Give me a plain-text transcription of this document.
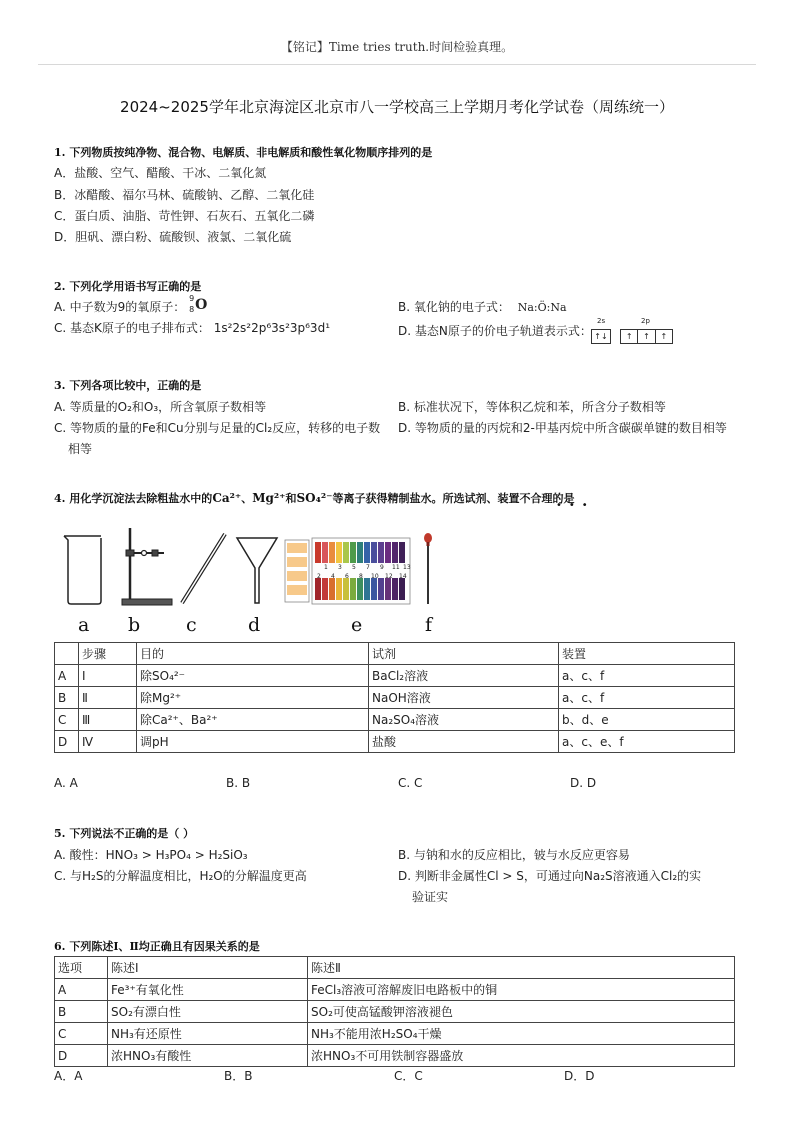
【铭记】Time tries truth.时间检验真理。
2024~2025学年北京海淀区北京市八一学校高三上学期月考化学试卷（周练统一）
1. 下列物质按纯净物、混合物、电解质、非电解质和酸性氧化物顺序排列的是
A．盐酸、空气、醋酸、干冰、二氧化氮
B．冰醋酸、福尔马林、硫酸钠、乙醇、二氧化硅
C．蛋白质、油脂、苛性钾、石灰石、五氧化二磷
D．胆矾、漂白粉、硫酸钡、液氯、二氧化硫
2. 下列化学用语书写正确的是
A. 中子数为9的氧原子：
9
8 O	B. 氧化钠的电子式： Na:Ö:Na
C. 基态K原子的电子排布式： 1s²2s²2p⁶3s²3p⁶3d¹	D. 基态N原子的价电子轨道表示式：
2s	2p
↑↓	↑	↑	↑
3. 下列各项比较中，正确的是
A. 等质量的O₂和O₃，所含氧原子数相等	B. 标准状况下，等体积乙烷和苯，所含分子数相等
C. 等物质的量的Fe和Cu分别与足量的Cl₂反应，转移的电子数
相等
D. 等物质的量的丙烷和2-甲基丙烷中所含碳碳单键的数目相等
4. 用化学沉淀法去除粗盐水中的Ca²⁺、Mg²⁺和SO₄²⁻等离子获得精制盐水。所选试剂、装置不合理的是
•••
1 3 5 7 9 11 13
2 4 6 8 10 12 14
a b c	d	e	f
	步骤	目的	试剂	装置
A	Ⅰ	除SO₄²⁻	BaCl₂溶液	a、c、f
B	Ⅱ	除Mg²⁺	NaOH溶液	a、c、f
C	Ⅲ	除Ca²⁺、Ba²⁺	Na₂SO₄溶液	b、d、e
D	Ⅳ	调pH	盐酸	a、c、e、f
A. A	B. B	C. C	D. D
5. 下列说法不正确的是（ ）
A. 酸性：HNO₃ > H₃PO₄ > H₂SiO₃	B. 与钠和水的反应相比，铍与水反应更容易
C. 与H₂S的分解温度相比，H₂O的分解温度更高	D. 判断非金属性Cl > S，可通过向Na₂S溶液通入Cl₂的实
验证实
6. 下列陈述Ⅰ、Ⅱ均正确且有因果关系的是
选项	陈述Ⅰ	陈述Ⅱ
A	Fe³⁺有氧化性	FeCl₃溶液可溶解废旧电路板中的铜
B	SO₂有漂白性	SO₂可使高锰酸钾溶液褪色
C	NH₃有还原性	NH₃不能用浓H₂SO₄干燥
D	浓HNO₃有酸性	浓HNO₃不可用铁制容器盛放
A．A	B．B	C．C	D．D
